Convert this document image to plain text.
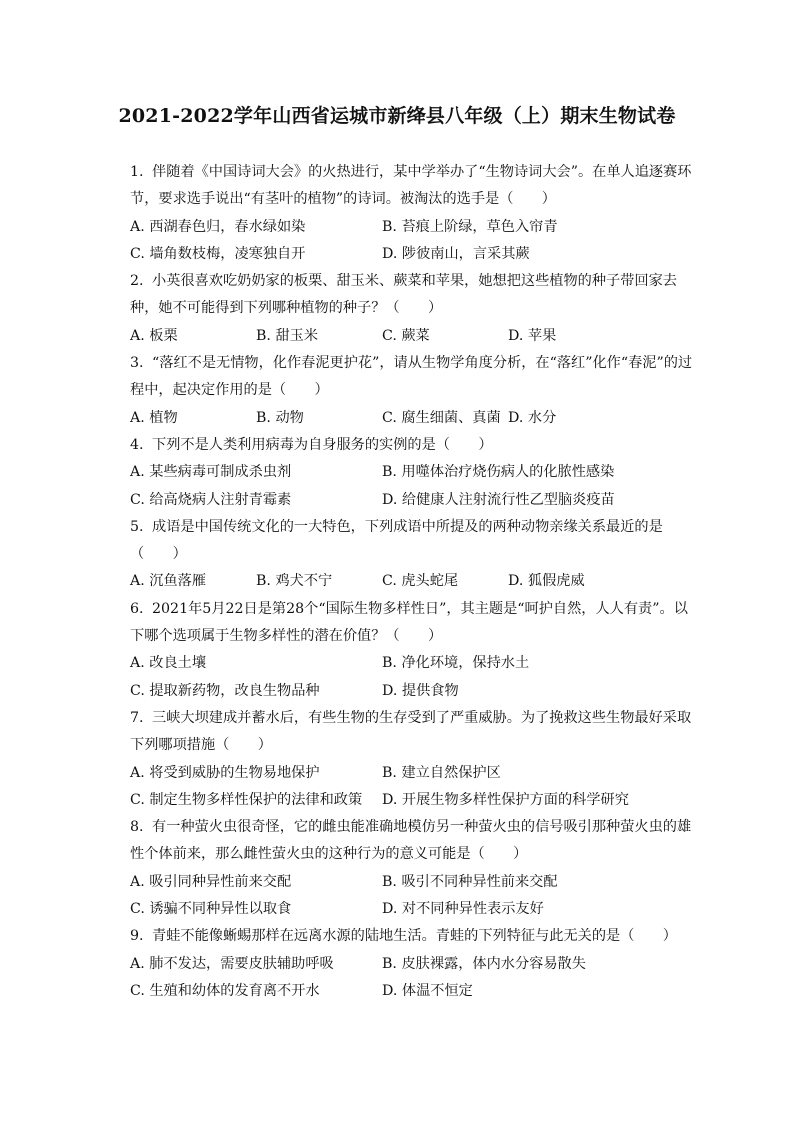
2021-2022学年山西省运城市新绛县八年级（上）期末生物试卷
1. 伴随着《中国诗词大会》的火热进行，某中学举办了“生物诗词大会”。在单人追逐赛环节，要求选手说出“有茎叶的植物”的诗词。被淘汰的选手是（　　）
A. 西湖春色归，春水绿如染	B. 苔痕上阶绿，草色入帘青
C. 墙角数枝梅，凌寒独自开	D. 陟彼南山，言采其蕨
2. 小英很喜欢吃奶奶家的板栗、甜玉米、蕨菜和苹果，她想把这些植物的种子带回家去种，她不可能得到下列哪种植物的种子？（　　）
A. 板栗	B. 甜玉米	C. 蕨菜	D. 苹果
3. “落红不是无情物，化作春泥更护花”，请从生物学角度分析，在“落红”化作“春泥”的过程中，起决定作用的是（　　）
A. 植物	B. 动物	C. 腐生细菌、真菌 D. 水分
4. 下列不是人类利用病毒为自身服务的实例的是（　　）
A. 某些病毒可制成杀虫剂	B. 用噬体治疗烧伤病人的化脓性感染
C. 给高烧病人注射青霉素	D. 给健康人注射流行性乙型脑炎疫苗
5. 成语是中国传统文化的一大特色，下列成语中所提及的两种动物亲缘关系最近的是（　　）
A. 沉鱼落雁	B. 鸡犬不宁	C. 虎头蛇尾	D. 狐假虎威
6. 2021年5月22日是第28个“国际生物多样性日”，其主题是“呵护自然，人人有责”。以下哪个选项属于生物多样性的潜在价值？（　　）
A. 改良土壤	B. 净化环境，保持水土
C. 提取新药物，改良生物品种	D. 提供食物
7. 三峡大坝建成并蓄水后，有些生物的生存受到了严重威胁。为了挽救这些生物最好采取下列哪项措施（　　）
A. 将受到威胁的生物易地保护	B. 建立自然保护区
C. 制定生物多样性保护的法律和政策	D. 开展生物多样性保护方面的科学研究
8. 有一种萤火虫很奇怪，它的雌虫能准确地模仿另一种萤火虫的信号吸引那种萤火虫的雄性个体前来，那么雌性萤火虫的这种行为的意义可能是（　　）
A. 吸引同种异性前来交配	B. 吸引不同种异性前来交配
C. 诱骗不同种异性以取食	D. 对不同种异性表示友好
9. 青蛙不能像蜥蜴那样在远离水源的陆地生活。青蛙的下列特征与此无关的是（　　）
A. 肺不发达，需要皮肤辅助呼吸	B. 皮肤裸露，体内水分容易散失
C. 生殖和幼体的发育离不开水	D. 体温不恒定
